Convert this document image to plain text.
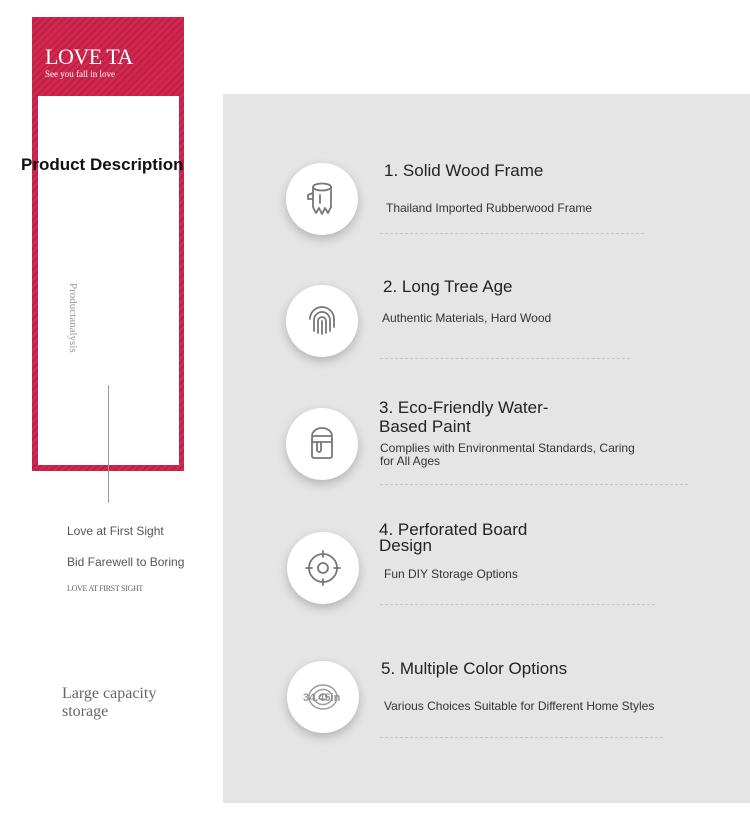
LOVE TA
See you fall in love
Product Description
Productanalysis
Love at First Sight
Bid Farewell to Boring
LOVE AT FIRST SIGHT
Large capacity storage
1. Solid Wood Frame
Thailand Imported Rubberwood Frame
2. Long Tree Age
Authentic Materials, Hard Wood
3. Eco-Friendly Water-Based Paint
Complies with Environmental Standards, Caring for All Ages
4. Perforated Board Design
Fun DIY Storage Options
34.45in
5. Multiple Color Options
Various Choices Suitable for Different Home Styles
